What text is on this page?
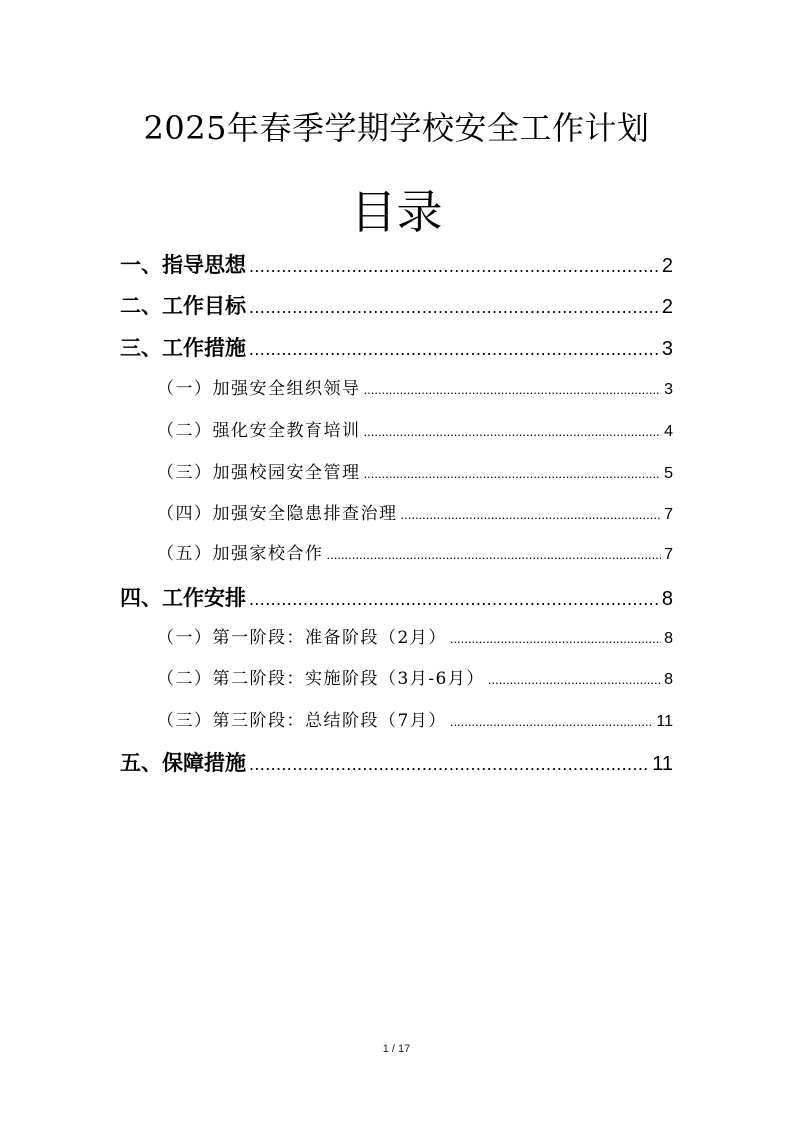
2025年春季学期学校安全工作计划
目录
一、指导思想 .....	2
二、工作目标 .....	2
三、工作措施 .....	3
（一）加强安全组织领导 .....	3
（二）强化安全教育培训 .....	4
（三）加强校园安全管理 .....	5
（四）加强安全隐患排查治理 .....	7
（五）加强家校合作 .....	7
四、工作安排 .....	8
（一）第一阶段：准备阶段（2月） .....	8
（二）第二阶段：实施阶段（3月-6月） .....	8
（三）第三阶段：总结阶段（7月） .....	11
五、保障措施 .....	11
1 / 17
